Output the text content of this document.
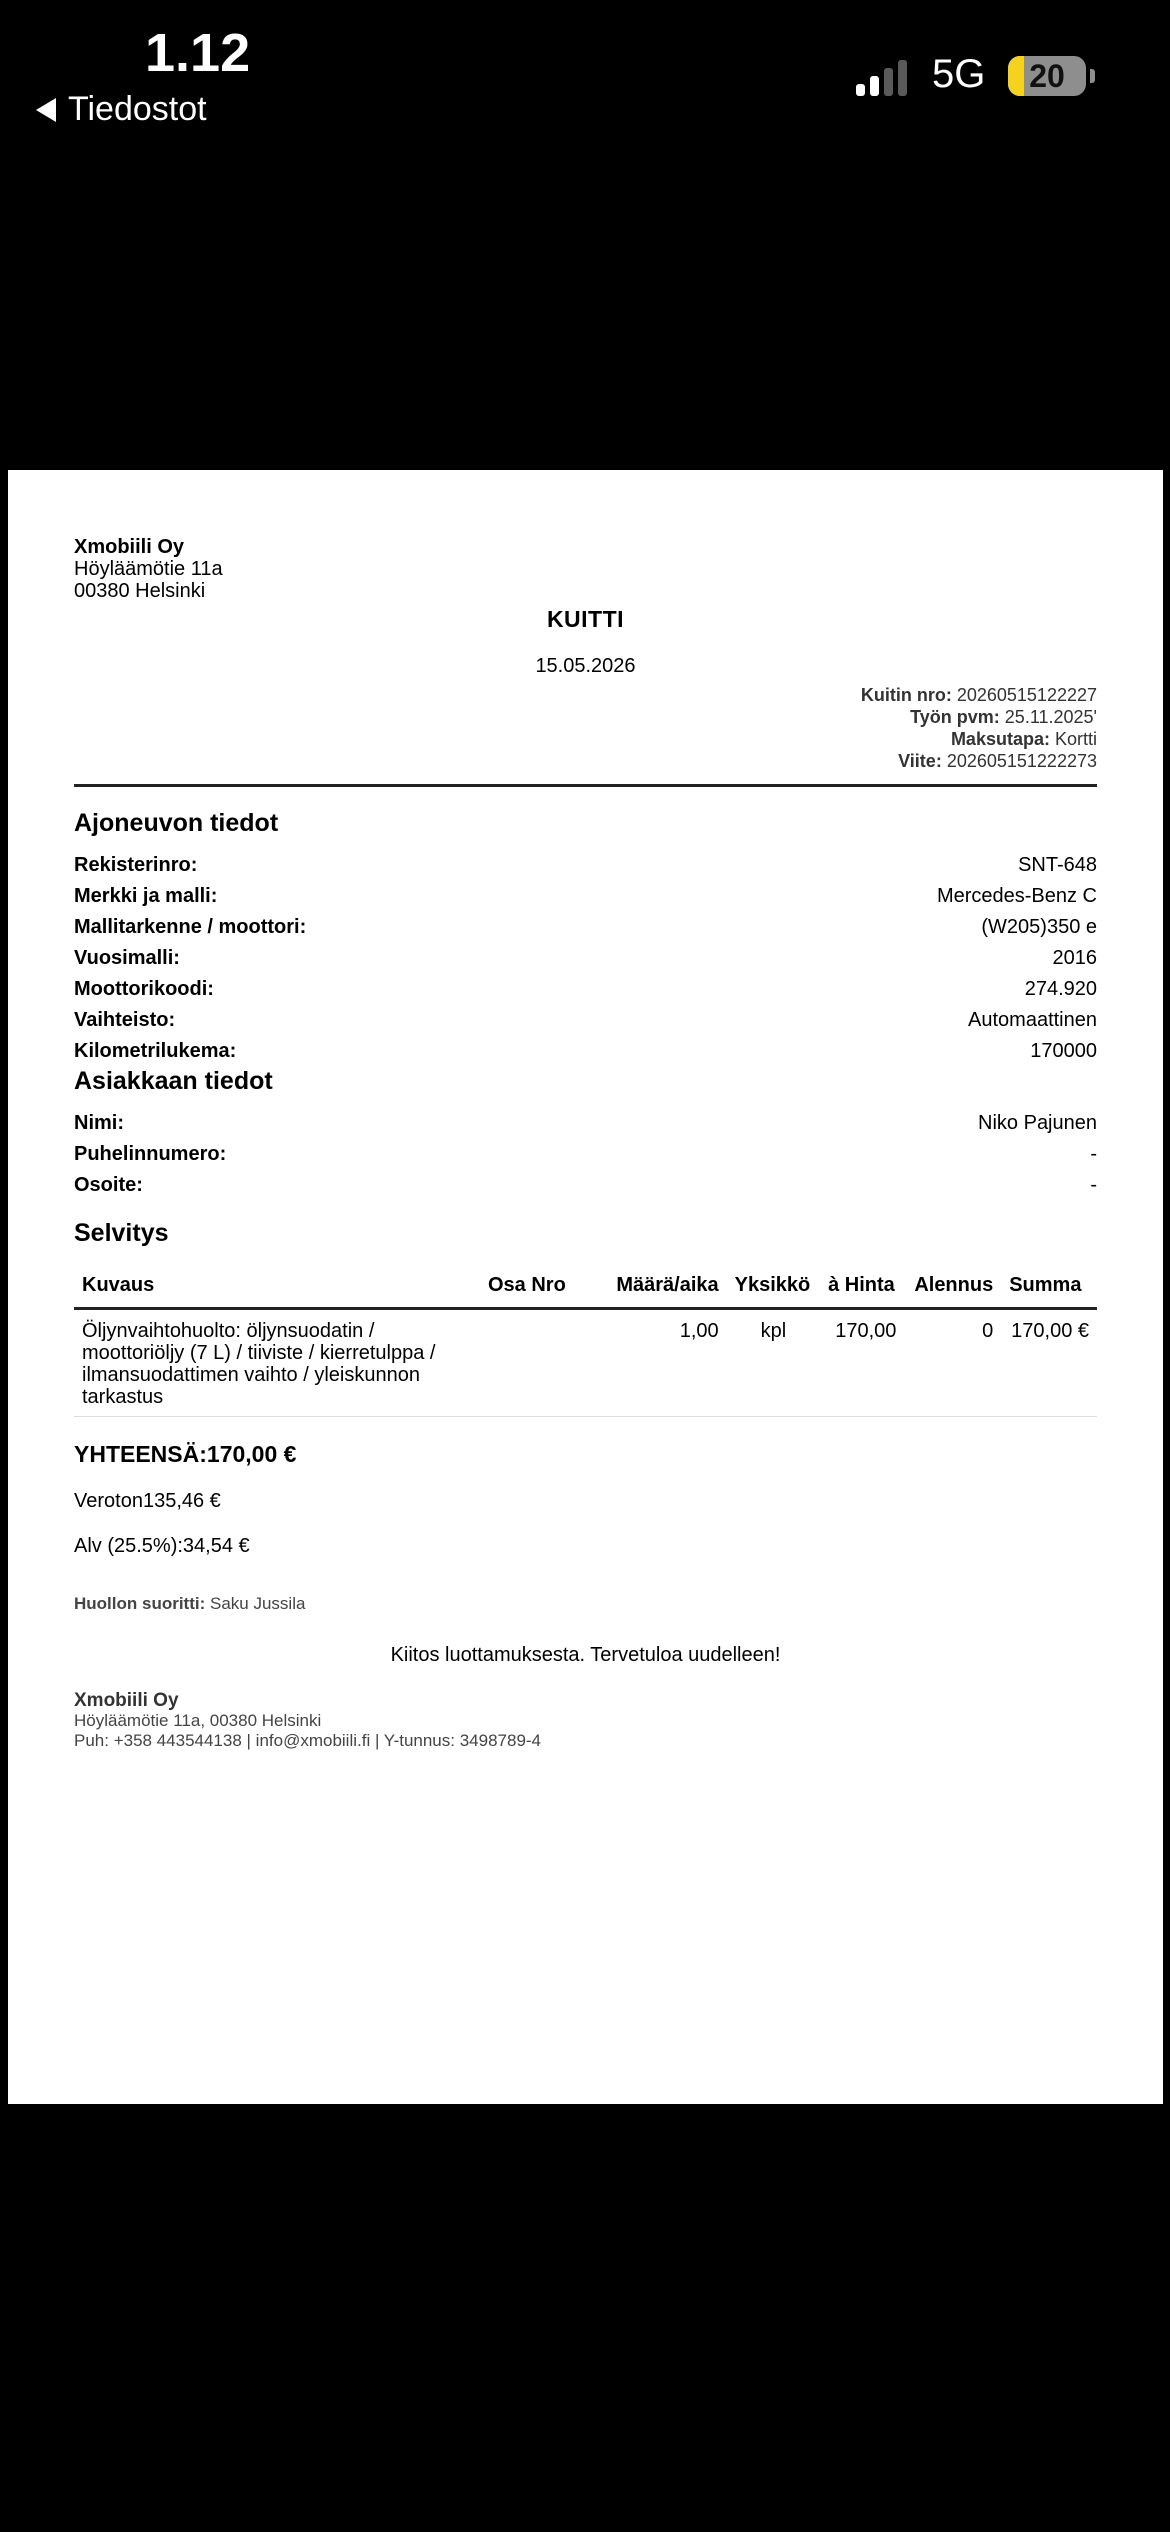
1.12
Tiedostot
5G	20
Xmobiili Oy
Höyläämötie 11a
00380 Helsinki
KUITTI
15.05.2026
Kuitin nro: 20260515122227
Työn pvm: 25.11.2025'
Maksutapa: Kortti
Viite: 202605151222273
Ajoneuvon tiedot
Rekisterinro:	SNT-648
Merkki ja malli:	Mercedes-Benz C
Mallitarkenne / moottori:	(W205)350 e
Vuosimalli:	2016
Moottorikoodi:	274.920
Vaihteisto:	Automaattinen
Kilometrilukema:	170000
Asiakkaan tiedot
Nimi:	Niko Pajunen
Puhelinnumero:	-
Osoite:	-
Selvitys
Kuvaus	Osa Nro	Määrä/aika	Yksikkö	à Hinta	Alennus	Summa
Öljynvaihtohuolto: öljynsuodatin / moottoriöljy (7 L) / tiiviste / kierretulppa / ilmansuodattimen vaihto / yleiskunnon tarkastus		1,00	kpl	170,00	0	170,00 €
YHTEENSÄ:170,00 €
Veroton135,46 €
Alv (25.5%):34,54 €
Huollon suoritti: Saku Jussila
Kiitos luottamuksesta. Tervetuloa uudelleen!
Xmobiili Oy
Höyläämötie 11a, 00380 Helsinki
Puh: +358 443544138 | info@xmobiili.fi | Y-tunnus: 3498789-4
